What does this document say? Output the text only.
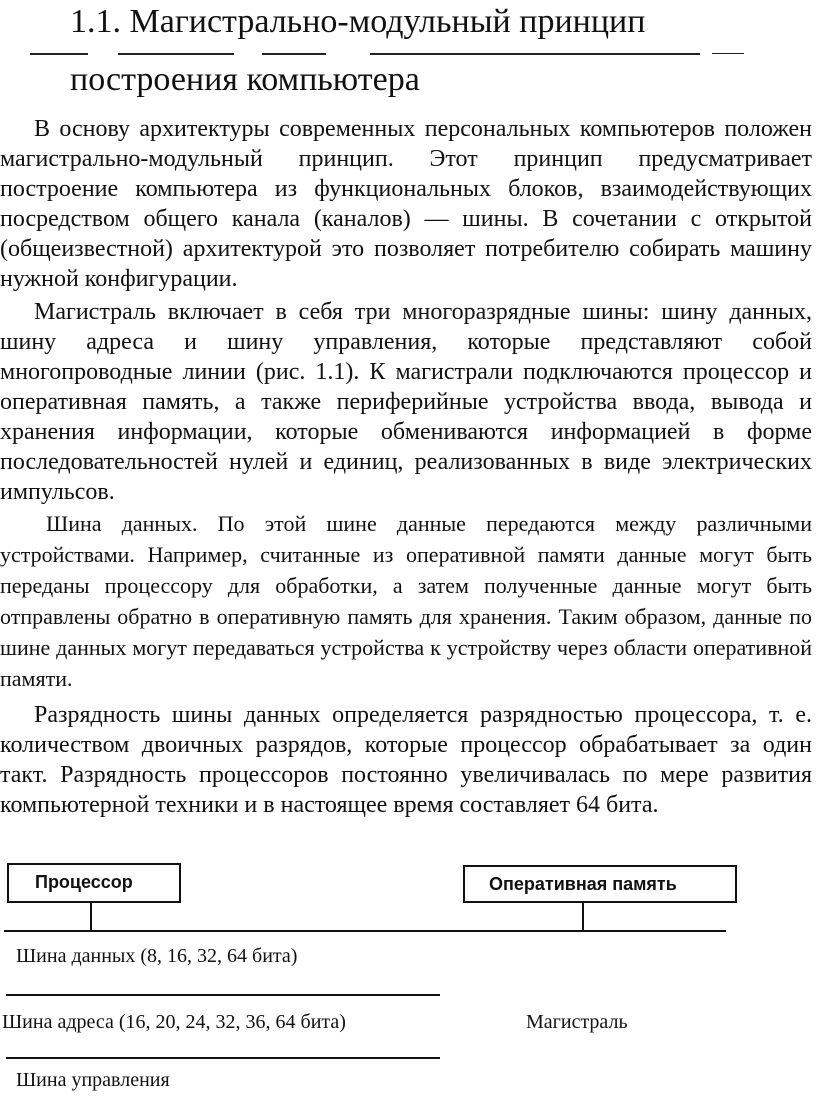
1.1. Магистрально-модульный принцип
построения компьютера

В основу архитектуры современных персональных компьютеров положен магистрально-модульный принцип. Этот принцип предусматривает построение компьютера из функциональных блоков, взаимодействующих посредством общего канала (каналов) — шины. В сочетании с открытой (общеизвестной) архитектурой это позволяет потребителю собирать машину нужной конфигурации.

Магистраль включает в себя три многоразрядные шины: шину данных, шину адреса и шину управления, которые представляют собой многопроводные линии (рис. 1.1). К магистрали подключаются процессор и оперативная память, а также периферийные устройства ввода, вывода и хранения информации, которые обмениваются информацией в форме последовательностей нулей и единиц, реализованных в виде электрических импульсов.

Шина данных. По этой шине данные передаются между различными устройствами. Например, считанные из оперативной памяти данные могут быть переданы процессору для обработки, а затем полученные данные могут быть отправлены обратно в оперативную память для хранения. Таким образом, данные по шине данных могут передаваться устройства к устройству через области оперативной памяти.

Разрядность шины данных определяется разрядностью процессора, т. е. количеством двоичных разрядов, которые процессор обрабатывает за один такт. Разрядность процессоров постоянно увеличивалась по мере развития компьютерной техники и в настоящее время составляет 64 бита.

Процессор	Оперативная память

Шина данных (8, 16, 32, 64 бита)

Шина адреса (16, 20, 24, 32, 36, 64 бита)	Магистраль

Шина управления
